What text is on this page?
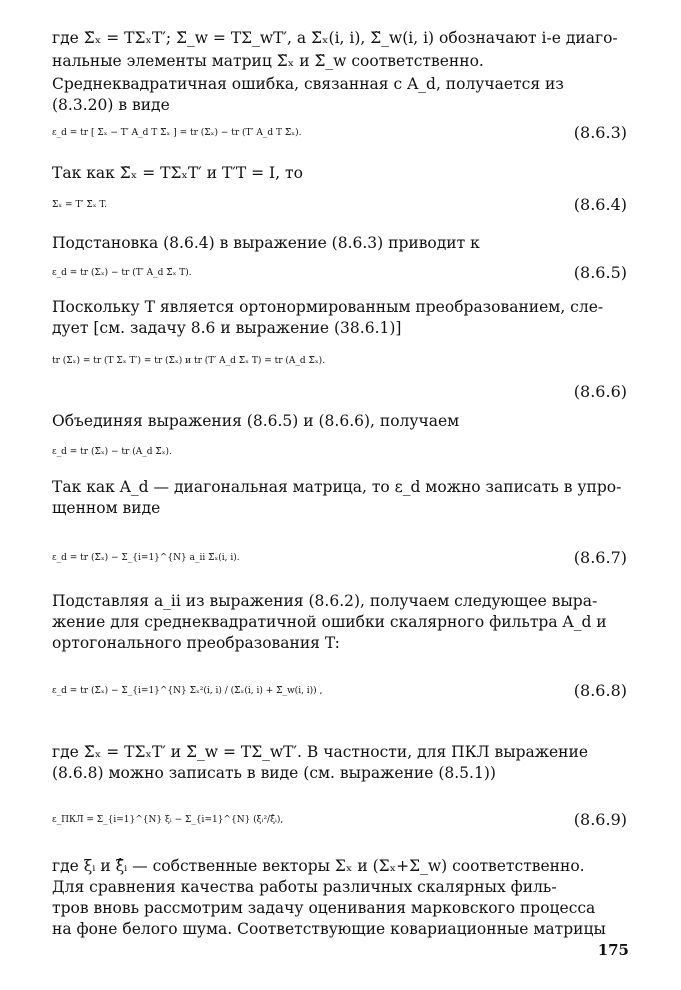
где Σ̃ₓ = TΣₓT′; Σ̃_w = TΣ_wT′, а Σ̃ₓ(i, i), Σ̃_w(i, i) обозначают i-е диаго-
нальные элементы матриц Σ̃ₓ и Σ̃_w соответственно.
Среднеквадратичная ошибка, связанная с A_d, получается из
(8.3.20) в виде
Так как Σ̃ₓ = TΣₓT′ и T′T = I, то
Подстановка (8.6.4) в выражение (8.6.3) приводит к
Поскольку T является ортонормированным преобразованием, сле-
дует [см. задачу 8.6 и выражение (38.6.1)]
Объединяя выражения (8.6.5) и (8.6.6), получаем
Так как A_d — диагональная матрица, то ε_d можно записать в упро-
щенном виде
Подставляя a_ii из выражения (8.6.2), получаем следующее выра-
жение для среднеквадратичной ошибки скалярного фильтра A_d и
ортогонального преобразования T:
где Σ̃ₓ = TΣₓT′ и Σ̃_w = TΣ_wT′. В частности, для ПКЛ выражение
(8.6.8) можно записать в виде (см. выражение (8.5.1))
где ξᵢ и ξ̂ᵢ — собственные векторы Σₓ и (Σₓ+Σ_w) соответственно.
Для сравнения качества работы различных скалярных филь-
тров вновь рассмотрим задачу оценивания марковского процесса
на фоне белого шума. Соответствующие ковариационные матрицы
ε_d = tr [ Σₓ − T′ A_d T Σ̃ₓ ] = tr (Σₓ) − tr (T′ A_d T Σ̃ₓ).	(8.6.3)
Σₓ = T′ Σ̃ₓ T.	(8.6.4)
ε_d = tr (Σₓ) − tr (T′ A_d Σ̃ₓ T).	(8.6.5)
tr (Σₓ) = tr (T Σₓ T′) = tr (Σ̃ₓ) и tr (T′ A_d Σ̃ₓ T) = tr (A_d Σ̃ₓ).
(8.6.6)
ε_d = tr (Σ̃ₓ) − tr (A_d Σ̃ₓ).
ε_d = tr (Σ̃ₓ) − Σ_{i=1}^{N} a_ii Σ̃ₓ(i, i).	(8.6.7)
ε_d = tr (Σ̃ₓ) − Σ_{i=1}^{N} Σ̃ₓ²(i, i) / (Σ̃ₓ(i, i) + Σ̃_w(i, i)) ,	(8.6.8)
ε_ПКЛ = Σ_{i=1}^{N} ξᵢ − Σ_{i=1}^{N} (ξᵢ²/ξ̂ᵢ),	(8.6.9)
175
